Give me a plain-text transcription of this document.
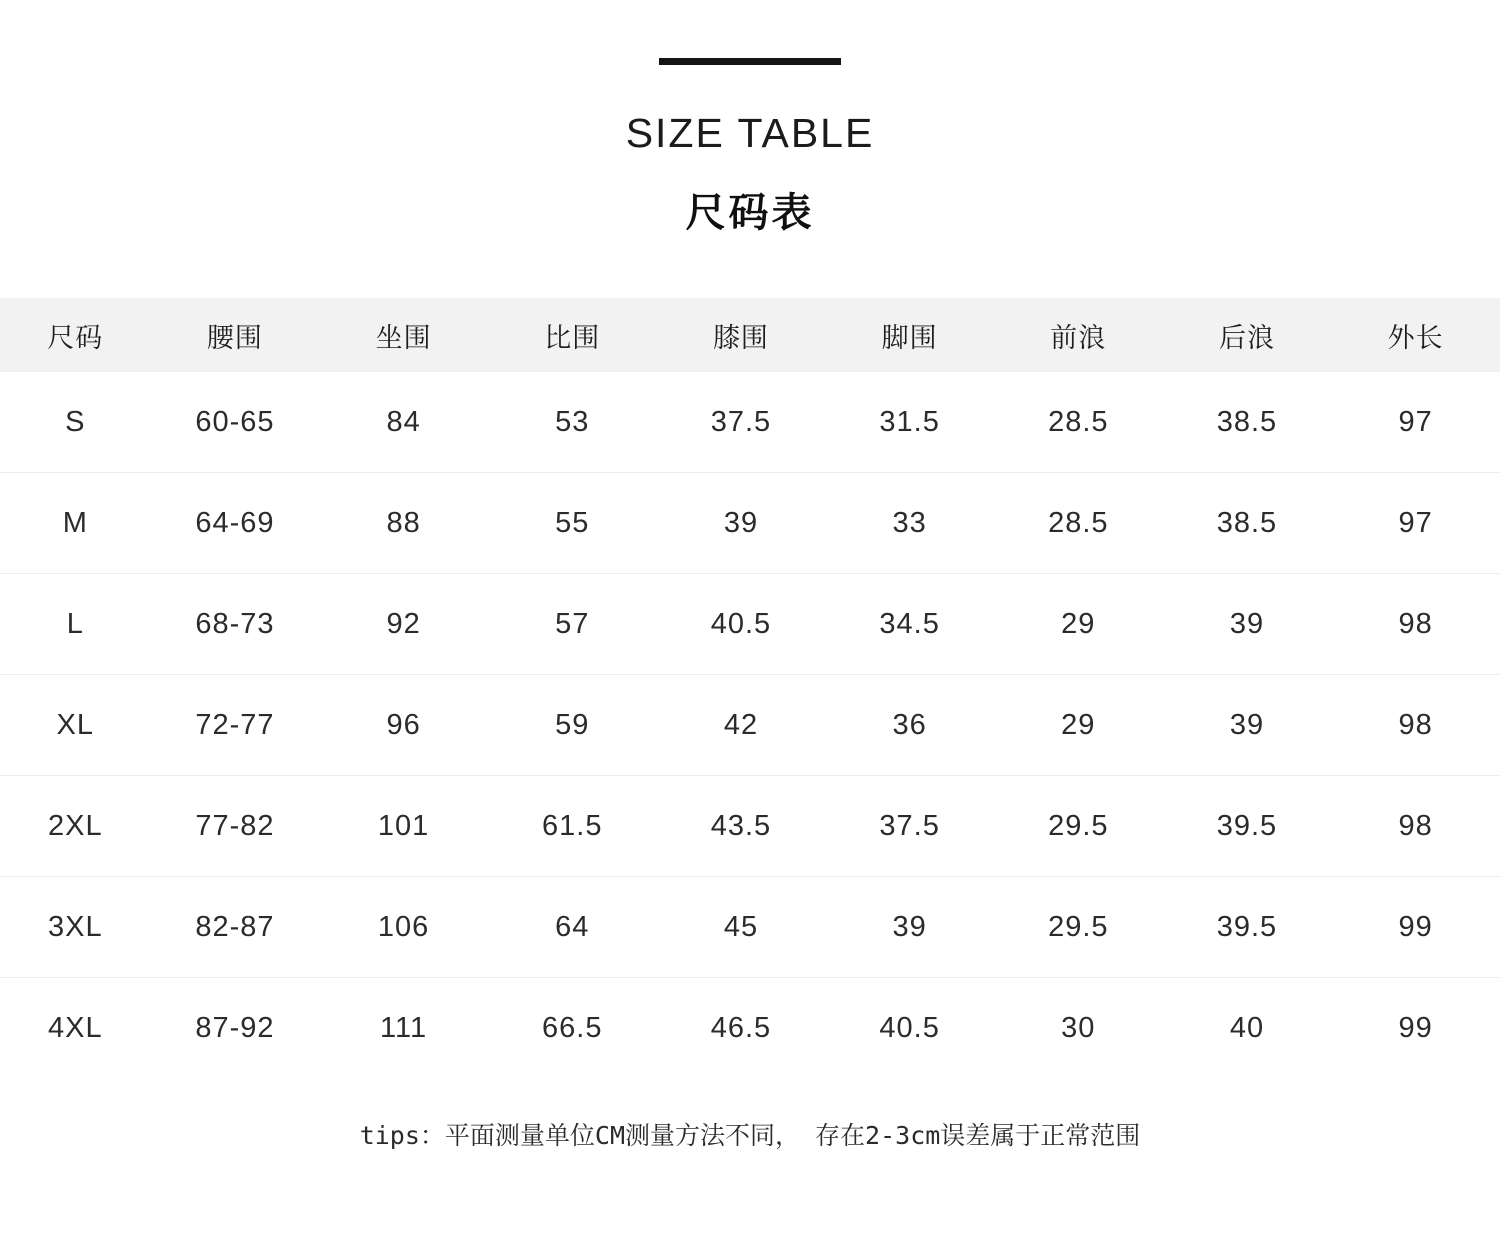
SIZE TABLE
尺码表
尺码	腰围	坐围	比围	膝围	脚围	前浪	后浪	外长
S	60-65	84	53	37.5	31.5	28.5	38.5	97
M	64-69	88	55	39	33	28.5	38.5	97
L	68-73	92	57	40.5	34.5	29	39	98
XL	72-77	96	59	42	36	29	39	98
2XL	77-82	101	61.5	43.5	37.5	29.5	39.5	98
3XL	82-87	106	64	45	39	29.5	39.5	99
4XL	87-92	111	66.5	46.5	40.5	30	40	99
tips：平面测量单位CM测量方法不同， 存在2-3cm误差属于正常范围
